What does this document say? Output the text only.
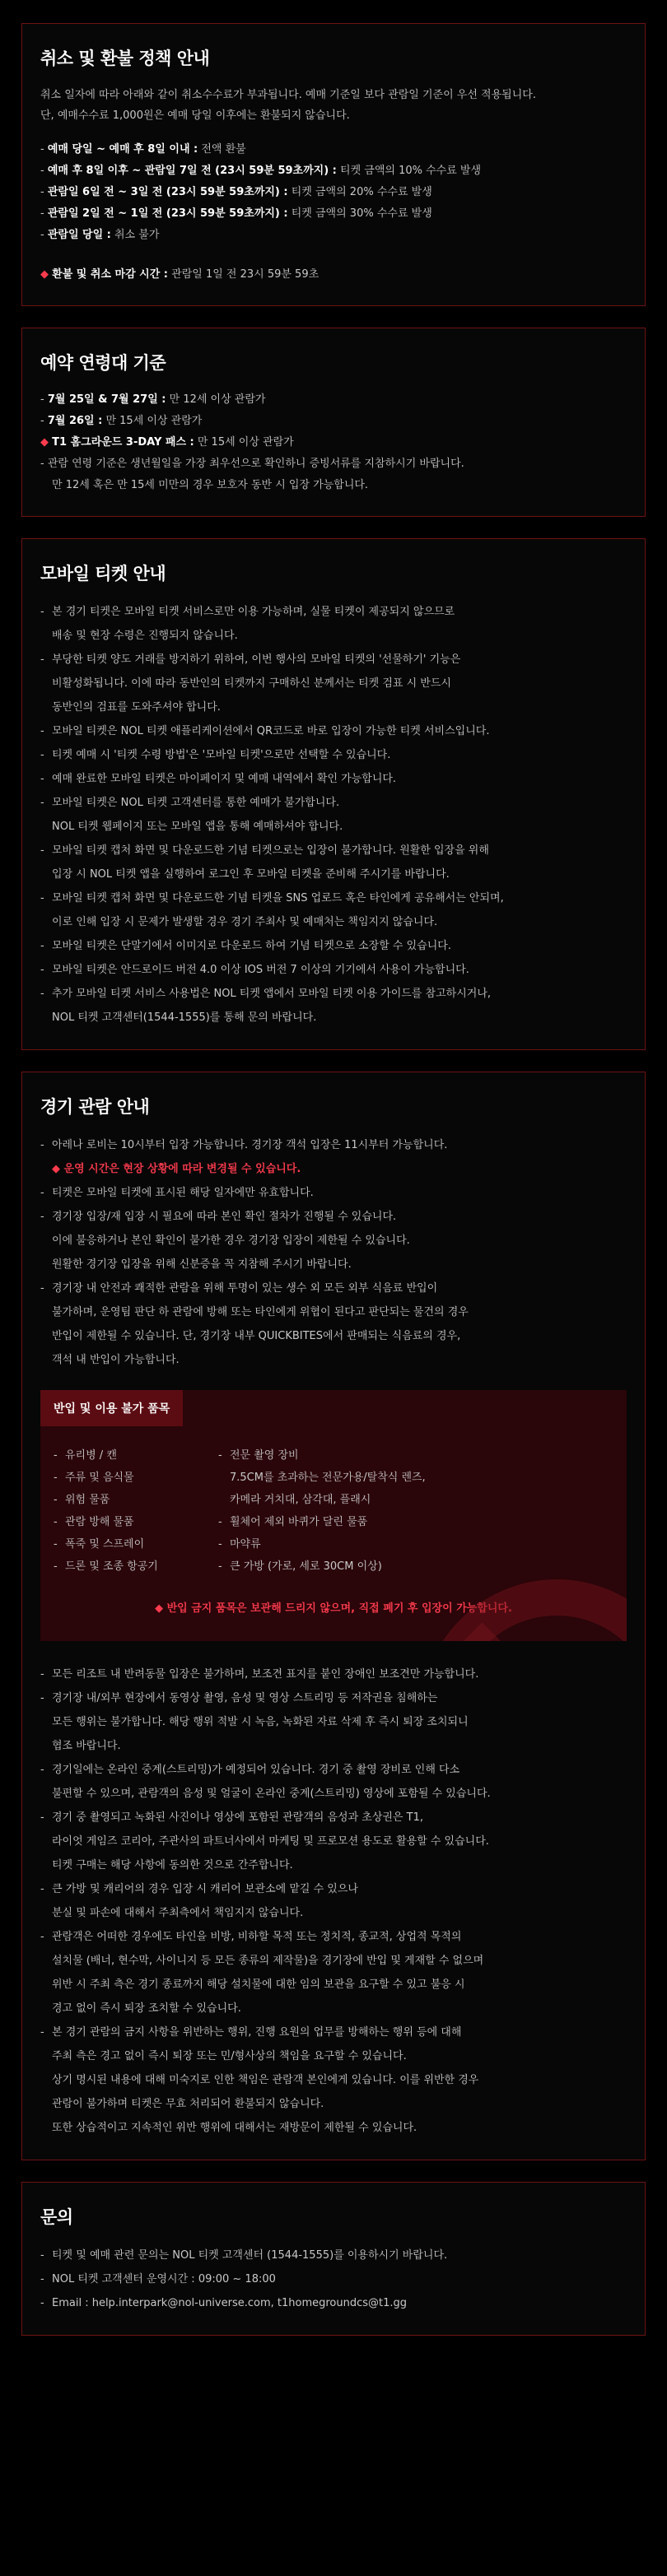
취소 및 환불 정책 안내
취소 일자에 따라 아래와 같이 취소수수료가 부과됩니다. 예매 기준일 보다 관람일 기준이 우선 적용됩니다.
단, 예매수수료 1,000원은 예매 당일 이후에는 환불되지 않습니다.
- 예매 당일 ~ 예매 후 8일 이내 : 전액 환불
- 예매 후 8일 이후 ~ 관람일 7일 전 (23시 59분 59초까지) : 티켓 금액의 10% 수수료 발생
- 관람일 6일 전 ~ 3일 전 (23시 59분 59초까지) : 티켓 금액의 20% 수수료 발생
- 관람일 2일 전 ~ 1일 전 (23시 59분 59초까지) : 티켓 금액의 30% 수수료 발생
- 관람일 당일 : 취소 불가
◆ 환불 및 취소 마감 시간 : 관람일 1일 전 23시 59분 59초
예약 연령대 기준
- 7월 25일 & 7월 27일 : 만 12세 이상 관람가
- 7월 26일 : 만 15세 이상 관람가
◆ T1 홈그라운드 3-DAY 패스 : 만 15세 이상 관람가
- 관람 연령 기준은 생년월일을 가장 최우선으로 확인하니 증빙서류를 지참하시기 바랍니다.
만 12세 혹은 만 15세 미만의 경우 보호자 동반 시 입장 가능합니다.
모바일 티켓 안내
- 본 경기 티켓은 모바일 티켓 서비스로만 이용 가능하며, 실물 티켓이 제공되지 않으므로
배송 및 현장 수령은 진행되지 않습니다.
- 부당한 티켓 양도 거래를 방지하기 위하여, 이번 행사의 모바일 티켓의 '선물하기' 기능은
비활성화됩니다. 이에 따라 동반인의 티켓까지 구매하신 분께서는 티켓 검표 시 반드시
동반인의 검표를 도와주셔야 합니다.
- 모바일 티켓은 NOL 티켓 애플리케이션에서 QR코드로 바로 입장이 가능한 티켓 서비스입니다.
- 티켓 예매 시 '티켓 수령 방법'은 '모바일 티켓'으로만 선택할 수 있습니다.
- 예매 완료한 모바일 티켓은 마이페이지 및 예매 내역에서 확인 가능합니다.
- 모바일 티켓은 NOL 티켓 고객센터를 통한 예매가 불가합니다.
NOL 티켓 웹페이지 또는 모바일 앱을 통해 예매하셔야 합니다.
- 모바일 티켓 캡처 화면 및 다운로드한 기념 티켓으로는 입장이 불가합니다. 원활한 입장을 위해
입장 시 NOL 티켓 앱을 실행하여 로그인 후 모바일 티켓을 준비해 주시기를 바랍니다.
- 모바일 티켓 캡처 화면 및 다운로드한 기념 티켓을 SNS 업로드 혹은 타인에게 공유해서는 안되며,
이로 인해 입장 시 문제가 발생할 경우 경기 주최사 및 예매처는 책임지지 않습니다.
- 모바일 티켓은 단말기에서 이미지로 다운로드 하여 기념 티켓으로 소장할 수 있습니다.
- 모바일 티켓은 안드로이드 버전 4.0 이상 IOS 버전 7 이상의 기기에서 사용이 가능합니다.
- 추가 모바일 티켓 서비스 사용법은 NOL 티켓 앱에서 모바일 티켓 이용 가이드를 참고하시거나,
NOL 티켓 고객센터(1544-1555)를 통해 문의 바랍니다.
경기 관람 안내
- 아레나 로비는 10시부터 입장 가능합니다. 경기장 객석 입장은 11시부터 가능합니다.
◆ 운영 시간은 현장 상황에 따라 변경될 수 있습니다.
- 티켓은 모바일 티켓에 표시된 해당 일자에만 유효합니다.
- 경기장 입장/재 입장 시 필요에 따라 본인 확인 절차가 진행될 수 있습니다.
이에 불응하거나 본인 확인이 불가한 경우 경기장 입장이 제한될 수 있습니다.
원활한 경기장 입장을 위해 신분증을 꼭 지참해 주시기 바랍니다.
- 경기장 내 안전과 쾌적한 관람을 위해 투명이 있는 생수 외 모든 외부 식음료 반입이
불가하며, 운영팀 판단 하 관람에 방해 또는 타인에게 위협이 된다고 판단되는 물건의 경우
반입이 제한될 수 있습니다. 단, 경기장 내부 QUICKBITES에서 판매되는 식음료의 경우,
객석 내 반입이 가능합니다.
반입 및 이용 불가 품목
- 유리병 / 캔
- 주류 및 음식물
- 위험 물품
- 관람 방해 물품
- 폭죽 및 스프레이
- 드론 및 조종 항공기
- 전문 촬영 장비
7.5CM를 초과하는 전문가용/탈착식 렌즈,
카메라 거치대, 삼각대, 플래시
- 휠체어 제외 바퀴가 달린 물품
- 마약류
- 큰 가방 (가로, 세로 30CM 이상)
◆ 반입 금지 품목은 보관해 드리지 않으며, 직접 폐기 후 입장이 가능합니다.
- 모든 리조트 내 반려동물 입장은 불가하며, 보조견 표지를 붙인 장애인 보조견만 가능합니다.
- 경기장 내/외부 현장에서 동영상 촬영, 음성 및 영상 스트리밍 등 저작권을 침해하는
모든 행위는 불가합니다. 해당 행위 적발 시 녹음, 녹화된 자료 삭제 후 즉시 퇴장 조치되니
협조 바랍니다.
- 경기일에는 온라인 중계(스트리밍)가 예정되어 있습니다. 경기 중 촬영 장비로 인해 다소
불편할 수 있으며, 관람객의 음성 및 얼굴이 온라인 중계(스트리밍) 영상에 포함될 수 있습니다.
- 경기 중 촬영되고 녹화된 사진이나 영상에 포함된 관람객의 음성과 초상권은 T1,
라이엇 게임즈 코리아, 주관사의 파트너사에서 마케팅 및 프로모션 용도로 활용할 수 있습니다.
티켓 구매는 해당 사항에 동의한 것으로 간주합니다.
- 큰 가방 및 캐리어의 경우 입장 시 캐리어 보관소에 맡길 수 있으나
분실 및 파손에 대해서 주최측에서 책임지지 않습니다.
- 관람객은 어떠한 경우에도 타인을 비방, 비하할 목적 또는 정치적, 종교적, 상업적 목적의
설치물 (배너, 현수막, 사이니지 등 모든 종류의 제작물)을 경기장에 반입 및 게재할 수 없으며
위반 시 주최 측은 경기 종료까지 해당 설치물에 대한 임의 보관을 요구할 수 있고 불응 시
경고 없이 즉시 퇴장 조치할 수 있습니다.
- 본 경기 관람의 금지 사항을 위반하는 행위, 진행 요원의 업무를 방해하는 행위 등에 대해
주최 측은 경고 없이 즉시 퇴장 또는 민/형사상의 책임을 요구할 수 있습니다.
상기 명시된 내용에 대해 미숙지로 인한 책임은 관람객 본인에게 있습니다. 이를 위반한 경우
관람이 불가하며 티켓은 무효 처리되어 환불되지 않습니다.
또한 상습적이고 지속적인 위반 행위에 대해서는 재방문이 제한될 수 있습니다.
문의
- 티켓 및 예매 관련 문의는 NOL 티켓 고객센터 (1544-1555)를 이용하시기 바랍니다.
- NOL 티켓 고객센터 운영시간 : 09:00 ~ 18:00
- Email : help.interpark@nol-universe.com, t1homegroundcs@t1.gg
